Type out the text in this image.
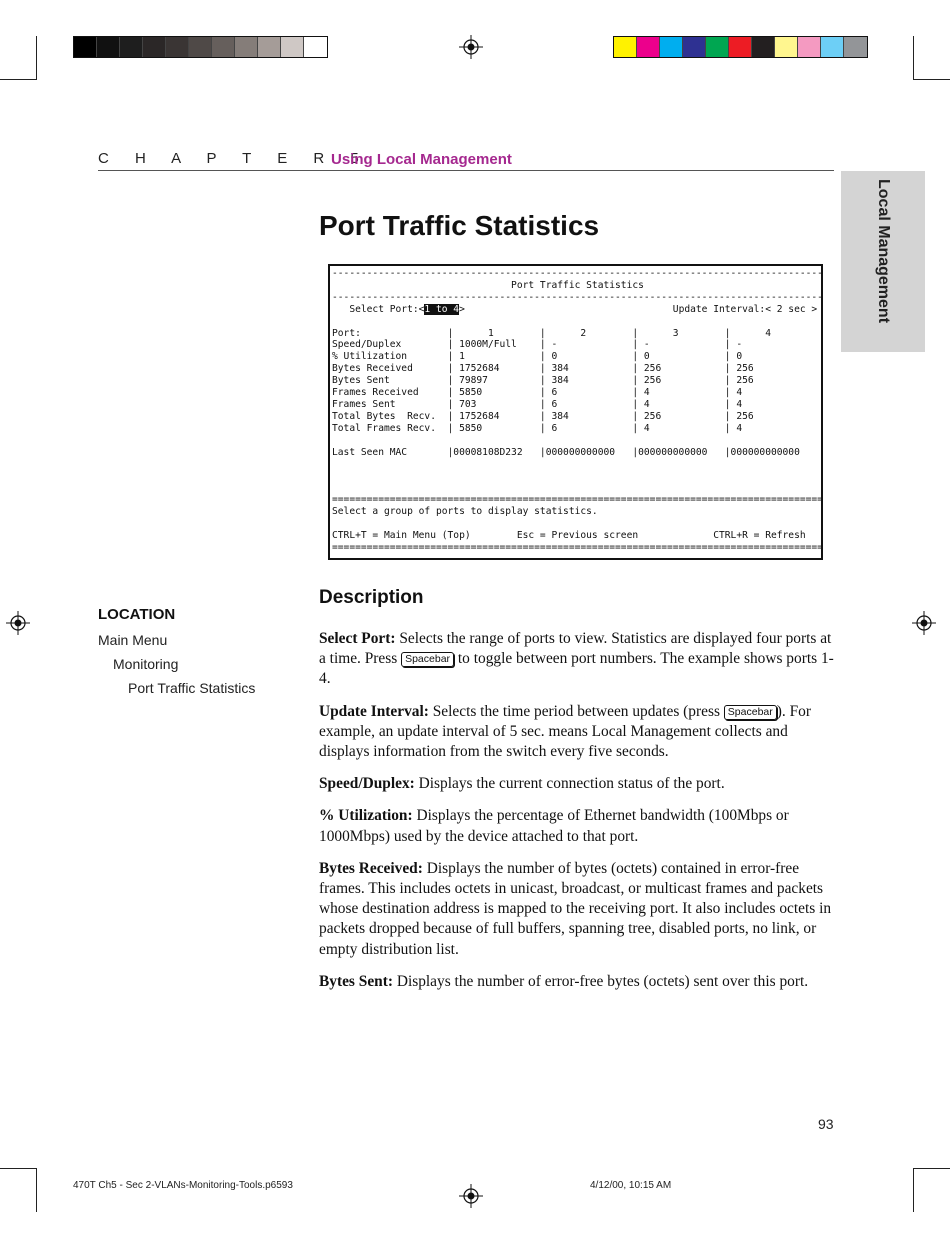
C H A P T E R 5
Using Local Management
Local Management
Port Traffic Statistics
-------------------------------------------------------------------------------------
Port Traffic Statistics
-------------------------------------------------------------------------------------
Select Port:<1 to 4>                                    Update Interval:< 2 sec >

Port:               |      1        |      2        |      3        |      4
Speed/Duplex        | 1000M/Full    | -             | -             | -
% Utilization       | 1             | 0             | 0             | 0
Bytes Received      | 1752684       | 384           | 256           | 256
Bytes Sent          | 79897         | 384           | 256           | 256
Frames Received     | 5850          | 6             | 4             | 4
Frames Sent         | 703           | 6             | 4             | 4
Total Bytes  Recv.  | 1752684       | 384           | 256           | 256
Total Frames Recv.  | 5850          | 6             | 4             | 4

Last Seen MAC       |00008108D232   |000000000000   |000000000000   |000000000000

=====================================================================================
Select a group of ports to display statistics.

CTRL+T = Main Menu (Top)        Esc = Previous screen             CTRL+R = Refresh
=====================================================================================
LOCATION
Main Menu
Monitoring
Port Traffic Statistics
Description

Select Port: Selects the range of ports to view. Statistics are displayed four ports at a time. Press Spacebar to toggle between port numbers. The example shows ports 1-4.

Update Interval: Selects the time period between updates (press Spacebar ). For example, an update interval of 5 sec. means Local Management collects and displays information from the switch every five seconds.

Speed/Duplex: Displays the current connection status of the port.

% Utilization: Displays the percentage of Ethernet bandwidth (100Mbps or 1000Mbps) used by the device attached to that port.

Bytes Received: Displays the number of bytes (octets) contained in error-free frames. This includes octets in unicast, broadcast, or multicast frames and packets whose destination address is mapped to the receiving port. It also includes octets in packets dropped because of full buffers, spanning tree, disabled ports, no link, or empty distribution list.

Bytes Sent: Displays the number of error-free bytes (octets) sent over this port.

93
470T Ch5 - Sec 2-VLANs-Monitoring-Tools.p6593	4/12/00, 10:15 AM
